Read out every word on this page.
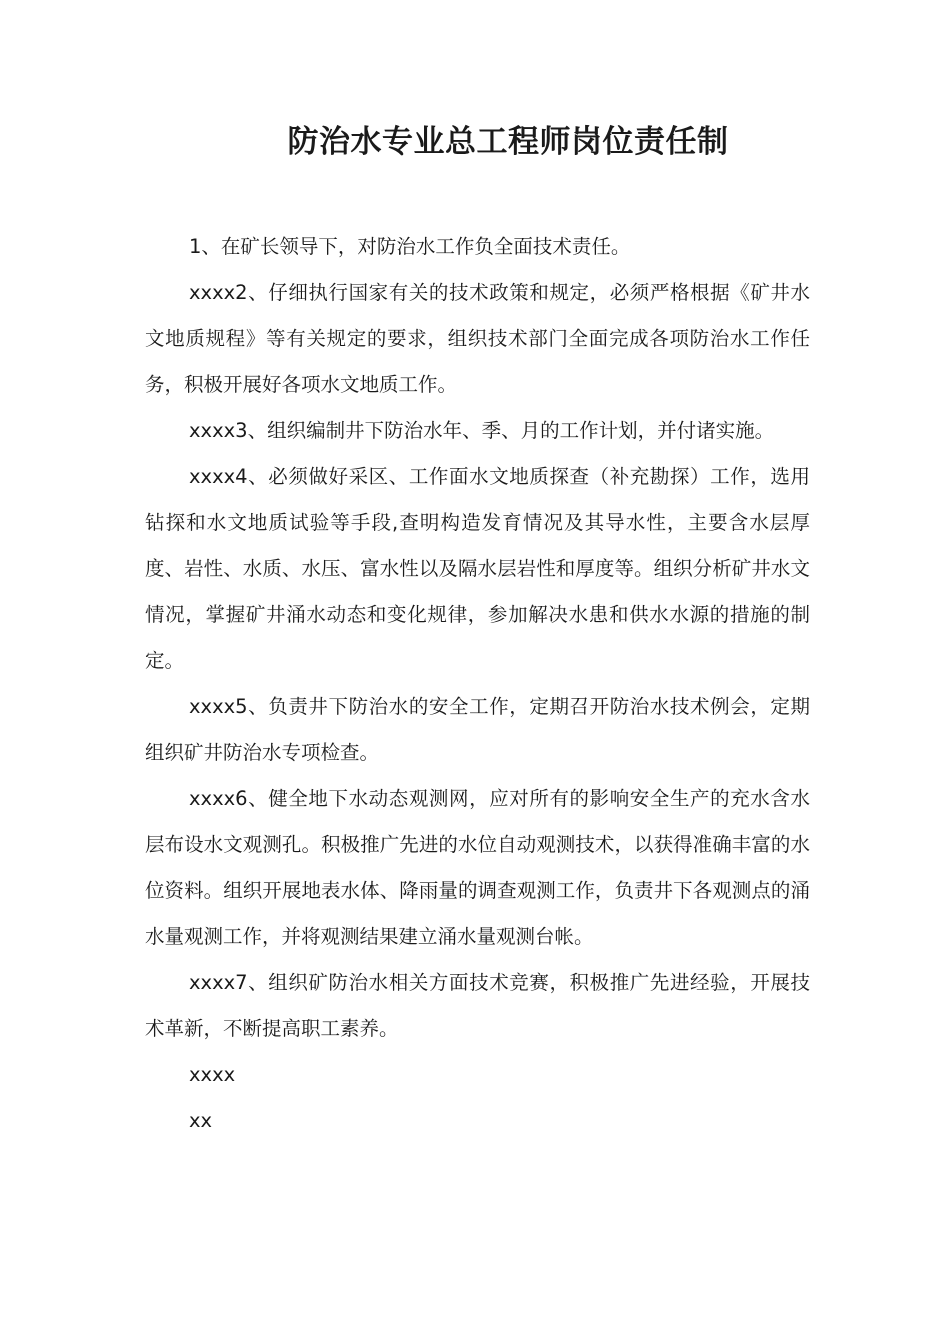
防治水专业总工程师岗位责任制

1、在矿长领导下，对防治水工作负全面技术责任。

xxxx2、仔细执行国家有关的技术政策和规定，必须严格根据《矿井水文地质规程》等有关规定的要求，组织技术部门全面完成各项防治水工作任务，积极开展好各项水文地质工作。

xxxx3、组织编制井下防治水年、季、月的工作计划，并付诸实施。

xxxx4、必须做好采区、工作面水文地质探查（补充勘探）工作，选用钻探和水文地质试验等手段,查明构造发育情况及其导水性，主要含水层厚度、岩性、水质、水压、富水性以及隔水层岩性和厚度等。组织分析矿井水文情况，掌握矿井涌水动态和变化规律，参加解决水患和供水水源的措施的制定。

xxxx5、负责井下防治水的安全工作，定期召开防治水技术例会，定期组织矿井防治水专项检查。

xxxx6、健全地下水动态观测网，应对所有的影响安全生产的充水含水层布设水文观测孔。积极推广先进的水位自动观测技术，以获得准确丰富的水位资料。组织开展地表水体、降雨量的调查观测工作，负责井下各观测点的涌水量观测工作，并将观测结果建立涌水量观测台帐。

xxxx7、组织矿防治水相关方面技术竞赛，积极推广先进经验，开展技术革新，不断提高职工素养。

xxxx

xx
